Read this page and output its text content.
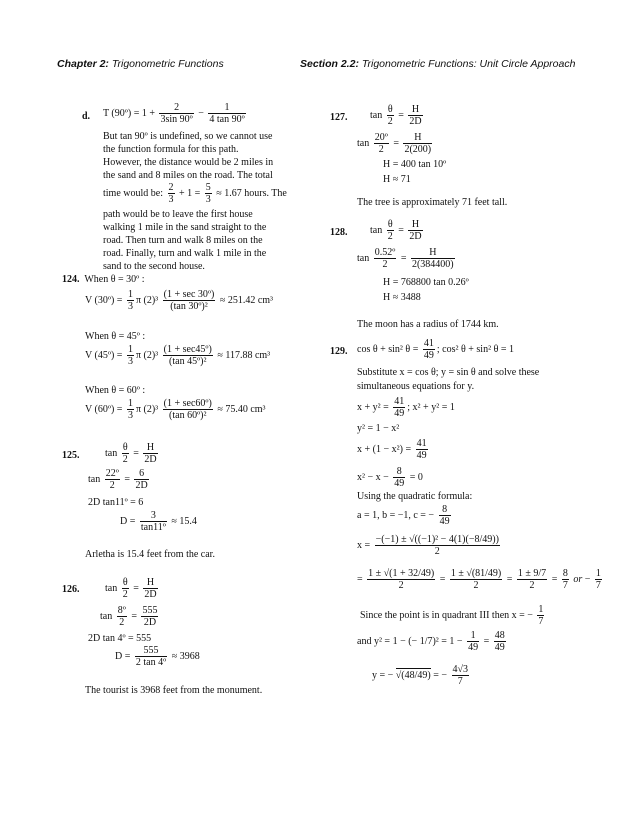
Chapter 2: Trigonometric Functions	Section 2.2: Trigonometric Functions: Unit Circle Approach
d. T (90º) = $1 + \frac{2}{\text{3sin 90º}} - \frac{1}{\text{4 tan 90º}}$
But tan 90º is undefined, so we cannot use
the function formula for this path.
However, the distance would be 2 miles in
the sand and 8 miles on the road. The total
time would be: $\frac{2}{3} + 1 = \frac{5}{3} \approx 1.67$ hours. The
path would be to leave the first house
walking 1 mile in the sand straight to the
road. Then turn and walk 8 miles on the
road. Finally, turn and walk 1 mile in the
sand to the second house.
124. When θ = 30º :
V (30º) = $\frac{1}{3}$ π (2)³
(1 + sec 30º)
(tan 30º)²
≈ 251.42 cm³
When θ = 45º :
V (45º) = $\frac{1}{3}$ π (2)³
(1 + sec45º)
(tan 45º)²
≈ 117.88 cm³
When θ = 60º :
V (60º) = $\frac{1}{3}$ π (2)³
(1 + sec60º)
(tan 60º)²
≈ 75.40 cm³
125.	$\tan \frac{\theta}{2} = \frac{H}{2D}$
$\tan \frac{\text{22º}}{2} = \frac{6}{2D}$
2D tan11º = 6
$D = \frac{3}{\text{tan11º}} \approx 15.4$
Arletha is 15.4 feet from the car.
126.	$\tan \frac{\theta}{2} = \frac{H}{2D}$
$\tan \frac{\text{8º}}{2} = \frac{555}{2D}$
2D tan 4º = 555
$D = \frac{555}{\text{2 tan 4º}} \approx 3968$
The tourist is 3968 feet from the monument.
127. $\tan \frac{\theta}{2} = \frac{H}{2D}$
$\tan \frac{\text{20º}}{2} = \frac{H}{2(200)}$
H = 400 tan 10º
H ≈ 71
The tree is approximately 71 feet tall.
128. $\tan \frac{\theta}{2} = \frac{H}{2D}$
$\tan \frac{\text{0.52º}}{2} = \frac{H}{2(384400)}$
H = 768800 tan 0.26º
H ≈ 3488
The moon has a radius of 1744 km.
129. cos θ + sin² $\theta = \frac{41}{49}$ ; cos² θ + sin² θ = 1
Substitute x = cos θ; y = sin θ and solve these
simultaneous equations for y.
$x + y^2 = \frac{41}{49}$ ; x² + y² = 1
y² = 1 − x²
$x + (1 - x^2) = \frac{41}{49}$
$x^2 - x - \frac{8}{49} = 0$
Using the quadratic formula:
a = 1, b = −1, c = − $\frac{8}{49}$
$x = \frac{\text{−(−1) ± √((−1)² − 4(1)(−8/49))}}{2}$
= $\frac{1 \pm √(1 + 32/49)}{2} = \frac{1 \pm √(81/49)}{2} = \frac{1 \pm 9/7}{2} = \frac{8}{7}$ or − $\frac{1}{7}$
Since the point is in quadrant III then x = − $\frac{1}{7}$
and y² = 1 − (− $1/7)^2 = 1 - \frac{1}{49} = \frac{48}{49}$
y = − √(48/49) = − $\frac{4√3}{7}$
